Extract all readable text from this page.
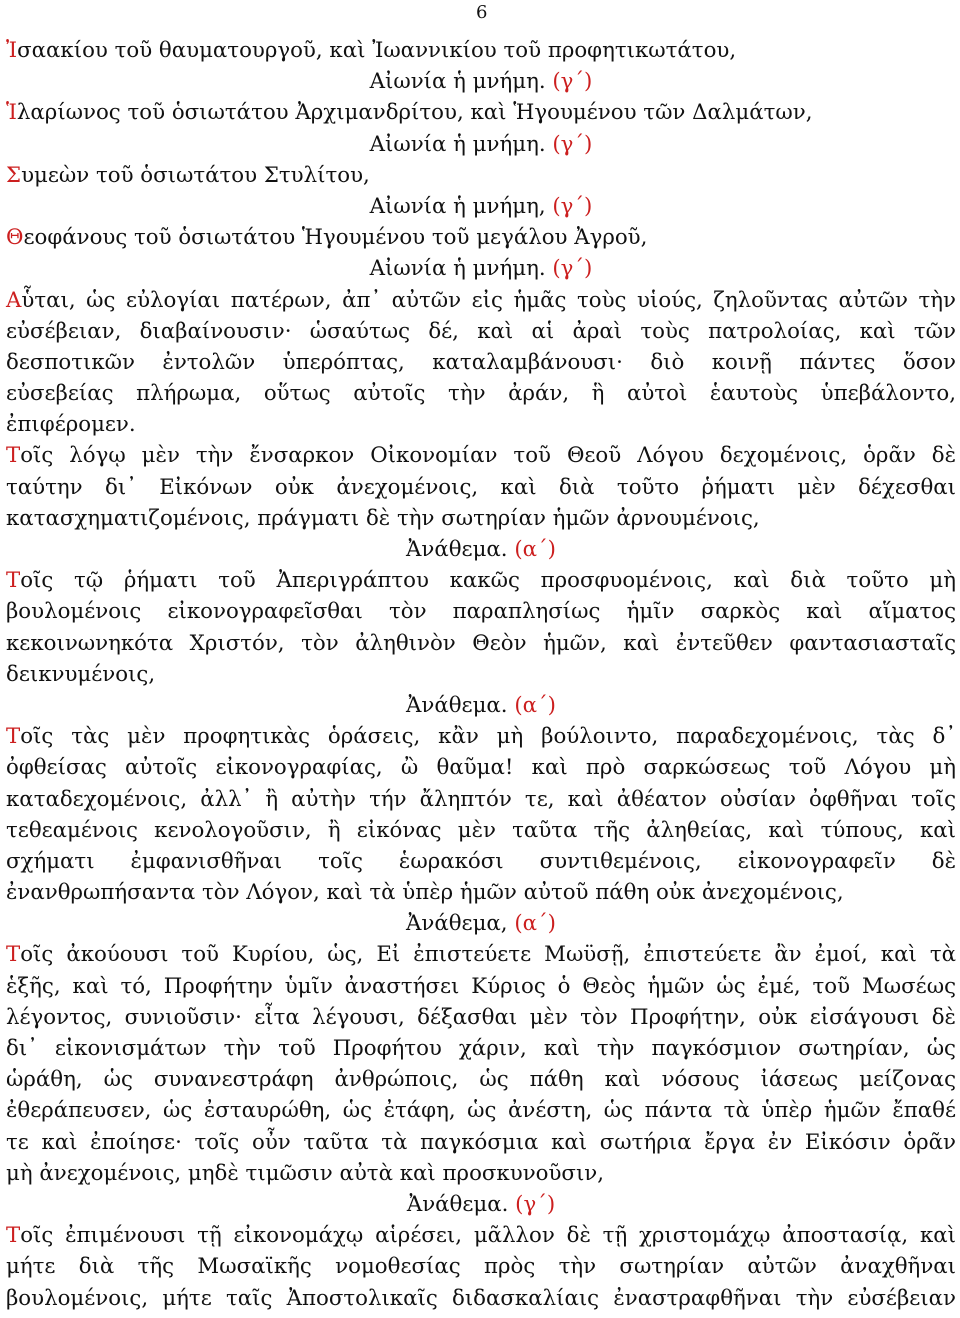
6
Ἰσαακίου τοῦ θαυματουργοῦ, καὶ Ἰωαννικίου τοῦ προφητικωτάτου,
Αἰωνία ἡ μνήμη. (γ΄)
Ἱλαρίωνος τοῦ ὁσιωτάτου Ἀρχιμανδρίτου, καὶ Ἡγουμένου τῶν Δαλμάτων,
Αἰωνία ἡ μνήμη. (γ΄)
Συμεὼν τοῦ ὁσιωτάτου Στυλίτου,
Αἰωνία ἡ μνήμη, (γ΄)
Θεοφάνους τοῦ ὁσιωτάτου Ἡγουμένου τοῦ μεγάλου Ἀγροῦ,
Αἰωνία ἡ μνήμη. (γ΄)
Αὗται, ὡς εὐλογίαι πατέρων, ἀπ᾽ αὐτῶν εἰς ἡμᾶς τοὺς υἱούς, ζηλοῦντας αὐτῶν τὴν
εὐσέβειαν, διαβαίνουσιν· ὡσαύτως δέ, καὶ αἱ ἀραὶ τοὺς πατρολοίας, καὶ τῶν
δεσποτικῶν ἐντολῶν ὑπερόπτας, καταλαμβάνουσι· διὸ κοινῇ πάντες ὅσον
εὐσεβείας πλήρωμα, οὕτως αὐτοῖς τὴν ἀράν, ἣ αὐτοὶ ἑαυτοὺς ὑπεβάλοντο,
ἐπιφέρομεν.
Τοῖς λόγῳ μὲν τὴν ἔνσαρκον Οἰκονομίαν τοῦ Θεοῦ Λόγου δεχομένοις, ὁρᾶν δὲ
ταύτην δι᾽ Εἰκόνων οὐκ ἀνεχομένοις, καὶ διὰ τοῦτο ῥήματι μὲν δέχεσθαι
κατασχηματιζομένοις, πράγματι δὲ τὴν σωτηρίαν ἡμῶν ἀρνουμένοις,
Ἀνάθεμα. (α΄)
Τοῖς τῷ ῥήματι τοῦ Ἀπεριγράπτου κακῶς προσφυομένοις, καὶ διὰ τοῦτο μὴ
βουλομένοις εἰκονογραφεῖσθαι τὸν παραπλησίως ἡμῖν σαρκὸς καὶ αἵματος
κεκοινωνηκότα Χριστόν, τὸν ἀληθινὸν Θεὸν ἡμῶν, καὶ ἐντεῦθεν φαντασιασταῖς
δεικνυμένοις,
Ἀνάθεμα. (α΄)
Τοῖς τὰς μὲν προφητικὰς ὁράσεις, κἂν μὴ βούλοιντο, παραδεχομένοις, τὰς δ᾽
ὀφθείσας αὐτοῖς εἰκονογραφίας, ὢ θαῦμα! καὶ πρὸ σαρκώσεως τοῦ Λόγου μὴ
καταδεχομένοις, ἀλλ᾽ ἢ αὐτὴν τήν ἄληπτόν τε, καὶ ἀθέατον οὐσίαν ὀφθῆναι τοῖς
τεθεαμένοις κενολογοῦσιν, ἢ εἰκόνας μὲν ταῦτα τῆς ἀληθείας, καὶ τύπους, καὶ
σχήματι ἐμφανισθῆναι τοῖς ἑωρακόσι συντιθεμένοις, εἰκονογραφεῖν δὲ
ἐνανθρωπήσαντα τὸν Λόγον, καὶ τὰ ὑπὲρ ἡμῶν αὐτοῦ πάθη οὐκ ἀνεχομένοις,
Ἀνάθεμα, (α΄)
Τοῖς ἀκούουσι τοῦ Κυρίου, ὡς, Εἰ ἐπιστεύετε Μωϋσῇ, ἐπιστεύετε ἂν ἐμοί, καὶ τὰ
ἑξῆς, καὶ τό, Προφήτην ὑμῖν ἀναστήσει Κύριος ὁ Θεὸς ἡμῶν ὡς ἐμέ, τοῦ Μωσέως
λέγοντος, συνιοῦσιν· εἶτα λέγουσι, δέξασθαι μὲν τὸν Προφήτην, οὐκ εἰσάγουσι δὲ
δι᾽ εἰκονισμάτων τὴν τοῦ Προφήτου χάριν, καὶ τὴν παγκόσμιον σωτηρίαν, ὡς
ὡράθη, ὡς συνανεστράφη ἀνθρώποις, ὡς πάθη καὶ νόσους ἰάσεως μείζονας
ἐθεράπευσεν, ὡς ἐσταυρώθη, ὡς ἐτάφη, ὡς ἀνέστη, ὡς πάντα τὰ ὑπὲρ ἡμῶν ἔπαθέ
τε καὶ ἐποίησε· τοῖς οὖν ταῦτα τὰ παγκόσμια καὶ σωτήρια ἔργα ἐν Εἰκόσιν ὁρᾶν
μὴ ἀνεχομένοις, μηδὲ τιμῶσιν αὐτὰ καὶ προσκυνοῦσιν,
Ἀνάθεμα. (γ΄)
Τοῖς ἐπιμένουσι τῇ εἰκονομάχῳ αἱρέσει, μᾶλλον δὲ τῇ χριστομάχῳ ἀποστασίᾳ, καὶ
μήτε διὰ τῆς Μωσαϊκῆς νομοθεσίας πρὸς τὴν σωτηρίαν αὐτῶν ἀναχθῆναι
βουλομένοις, μήτε ταῖς Ἀποστολικαῖς διδασκαλίαις ἐναστραφθῆναι τὴν εὐσέβειαν
